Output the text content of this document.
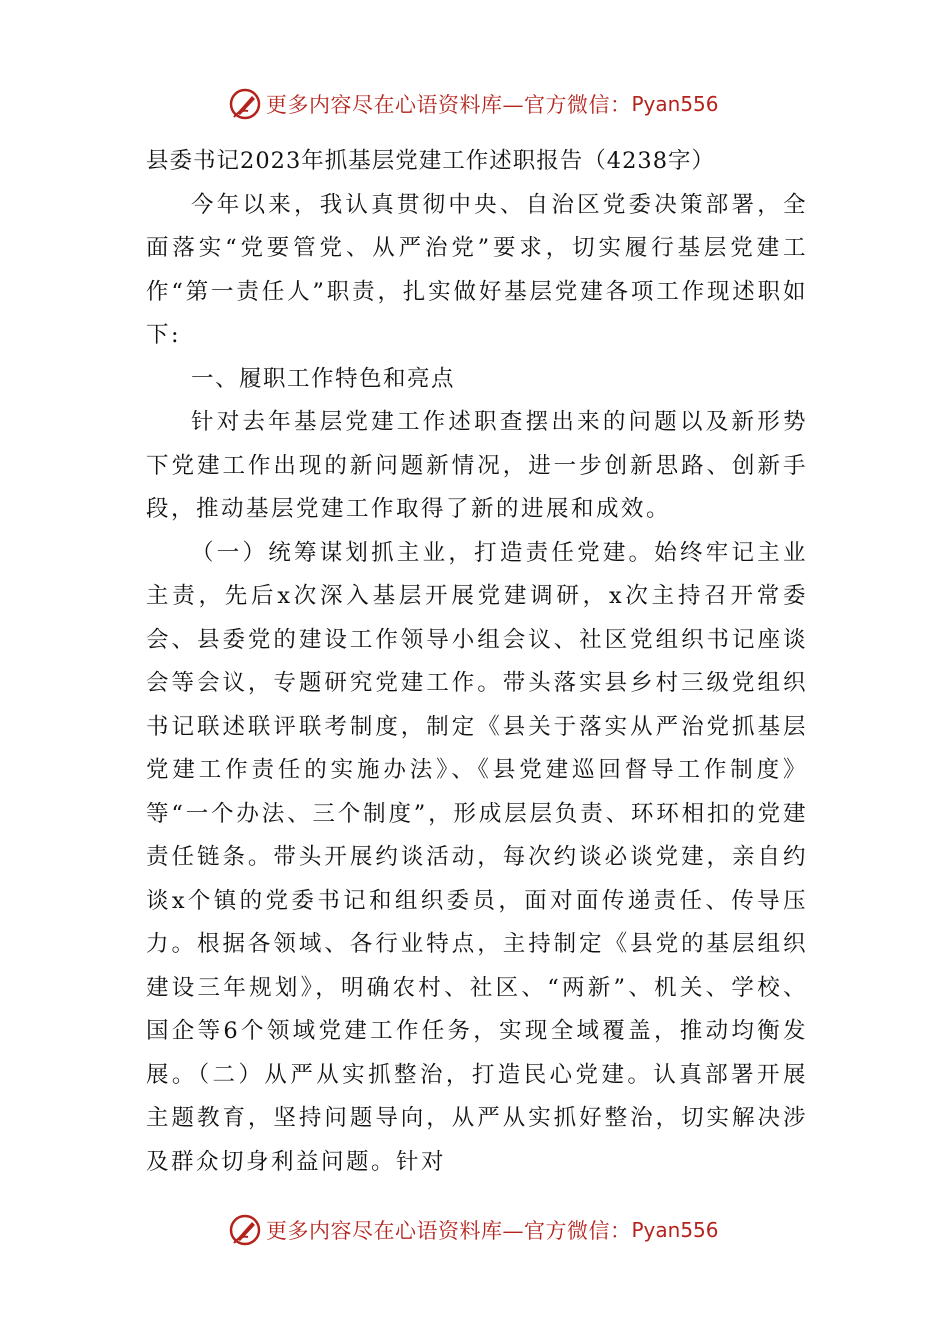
更多内容尽在心语资料库—官方微信： Pyan556

县委书记2023年抓基层党建工作述职报告（4238字）

今年以来，我认真贯彻中央、自治区党委决策部署，全面落实“党要管党、从严治党”要求，切实履行基层党建工作“第一责任人”职责，扎实做好基层党建各项工作现述职如下:

一、履职工作特色和亮点

针对去年基层党建工作述职查摆出来的问题以及新形势下党建工作出现的新问题新情况，进一步创新思路、创新手段，推动基层党建工作取得了新的进展和成效。

（一）统筹谋划抓主业，打造责任党建。始终牢记主业主责，先后x次深入基层开展党建调研，x次主持召开常委会、县委党的建设工作领导小组会议、社区党组织书记座谈会等会议，专题研究党建工作。带头落实县乡村三级党组织书记联述联评联考制度，制定《县关于落实从严治党抓基层党建工作责任的实施办法》、《县党建巡回督导工作制度》等“一个办法、三个制度”，形成层层负责、环环相扣的党建责任链条。带头开展约谈活动，每次约谈必谈党建，亲自约谈x个镇的党委书记和组织委员，面对面传递责任、传导压力。根据各领域、各行业特点，主持制定《县党的基层组织建设三年规划》，明确农村、社区、“两新”、机关、学校、国企等6个领域党建工作任务，实现全域覆盖，推动均衡发展。（二）从严从实抓整治，打造民心党建。认真部署开展主题教育，坚持问题导向，从严从实抓好整治，切实解决涉及群众切身利益问题。针对

更多内容尽在心语资料库—官方微信： Pyan556
